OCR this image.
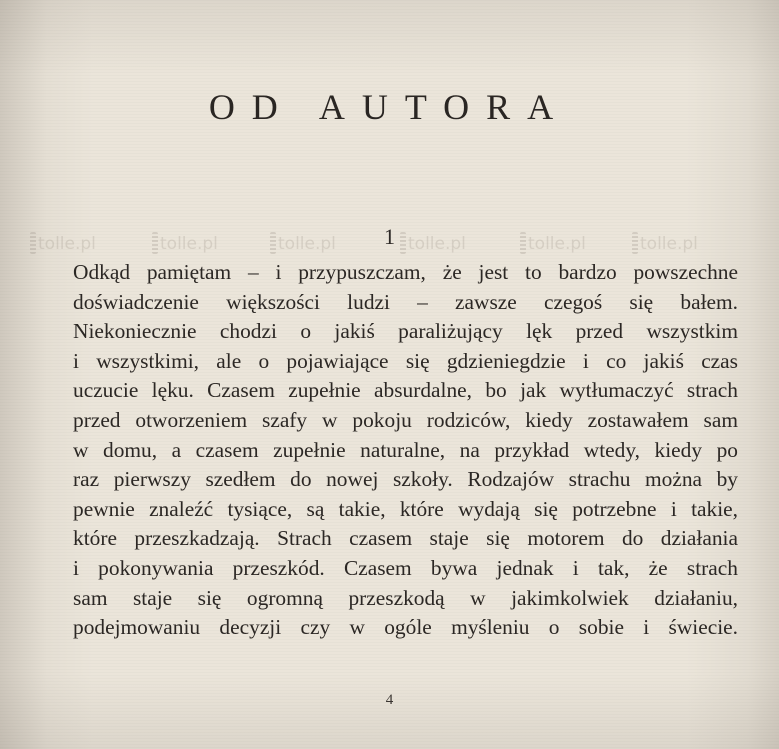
OD AUTORA
tolle.pl	tolle.pl	tolle.pl	tolle.pl	tolle.pl	tolle.pl
1
Odkąd pamiętam – i przypuszczam, że jest to bardzo powszechne
doświadczenie większości ludzi – zawsze czegoś się bałem.
Niekoniecznie chodzi o jakiś paraliżujący lęk przed wszystkim
i wszystkimi, ale o pojawiające się gdzieniegdzie i co jakiś czas
uczucie lęku. Czasem zupełnie absurdalne, bo jak wytłumaczyć strach
przed otworzeniem szafy w pokoju rodziców, kiedy zostawałem sam
w domu, a czasem zupełnie naturalne, na przykład wtedy, kiedy po
raz pierwszy szedłem do nowej szkoły. Rodzajów strachu można by
pewnie znaleźć tysiące, są takie, które wydają się potrzebne i takie,
które przeszkadzają. Strach czasem staje się motorem do działania
i pokonywania przeszkód. Czasem bywa jednak i tak, że strach
sam staje się ogromną przeszkodą w jakimkolwiek działaniu,
podejmowaniu decyzji czy w ogóle myśleniu o sobie i świecie.
4
